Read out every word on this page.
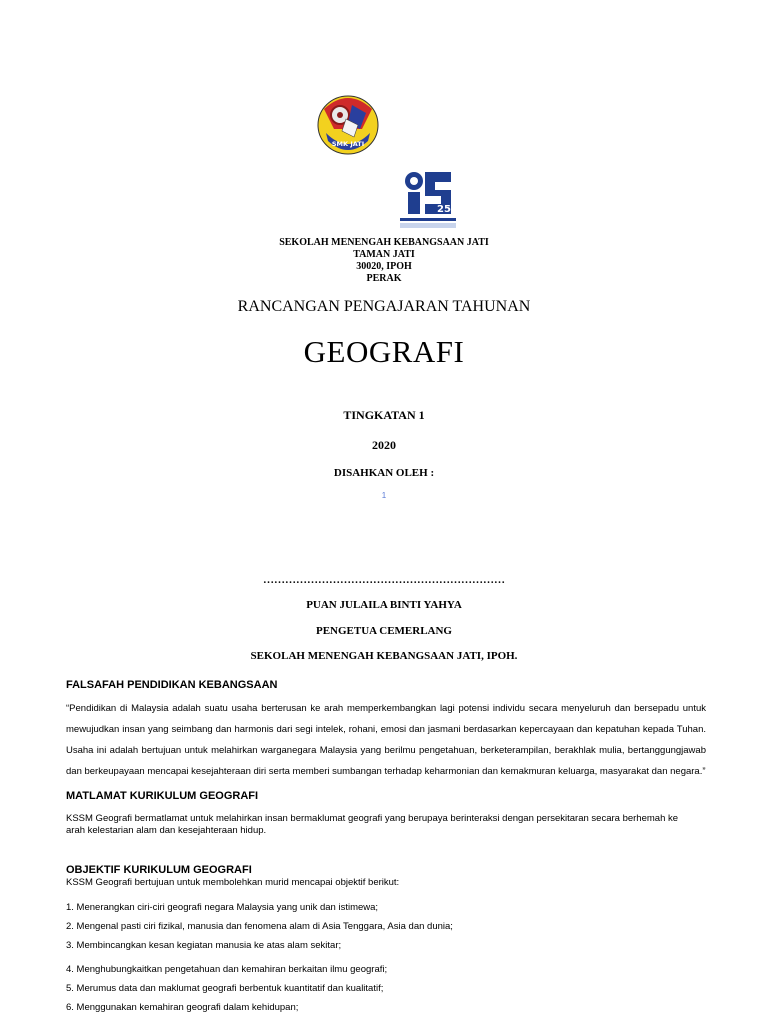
SMK JATI
25
SEKOLAH MENENGAH KEBANGSAAN JATI
TAMAN JATI
30020, IPOH
PERAK
RANCANGAN PENGAJARAN TAHUNAN
GEOGRAFI
TINGKATAN 1
2020
DISAHKAN OLEH :
1
…………………………………………………………
PUAN JULAILA BINTI YAHYA
PENGETUA CEMERLANG
SEKOLAH MENENGAH KEBANGSAAN JATI, IPOH.
FALSAFAH PENDIDIKAN KEBANGSAAN
“Pendidikan di Malaysia adalah suatu usaha berterusan ke arah memperkembangkan lagi potensi individu secara menyeluruh dan bersepadu untuk mewujudkan insan yang seimbang dan harmonis dari segi intelek, rohani, emosi dan jasmani berdasarkan kepercayaan dan kepatuhan kepada Tuhan. Usaha ini adalah bertujuan untuk melahirkan warganegara Malaysia yang berilmu pengetahuan, berketerampilan, berakhlak mulia, bertanggungjawab dan berkeupayaan mencapai kesejahteraan diri serta memberi sumbangan terhadap keharmonian dan kemakmuran keluarga, masyarakat dan negara.”
MATLAMAT KURIKULUM GEOGRAFI
KSSM Geografi bermatlamat untuk melahirkan insan bermaklumat geografi yang berupaya berinteraksi dengan persekitaran secara berhemah ke
arah kelestarian alam dan kesejahteraan hidup.
OBJEKTIF KURIKULUM GEOGRAFI
KSSM Geografi bertujuan untuk membolehkan murid mencapai objektif berikut:
1. Menerangkan ciri-ciri geografi negara Malaysia yang unik dan istimewa;
2. Mengenal pasti ciri fizikal, manusia dan fenomena alam di Asia Tenggara, Asia dan dunia;
3. Membincangkan kesan kegiatan manusia ke atas alam sekitar;
4. Menghubungkaitkan pengetahuan dan kemahiran berkaitan ilmu geografi;
5. Merumus data dan maklumat geografi berbentuk kuantitatif dan kualitatif;
6. Menggunakan kemahiran geografi dalam kehidupan;
